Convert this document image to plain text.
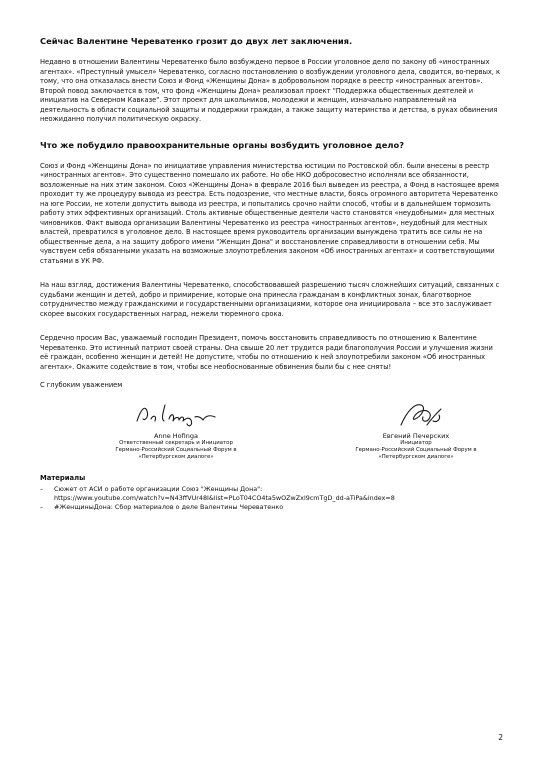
Сейчас Валентине Череватенко грозит до двух лет заключения.

Недавно в отношении Валентины Череватенко было возбуждено первое в России уголовное дело по закону об «иностранных агентах». «Преступный умысел» Череватенко, согласно постановлению о возбуждении уголовного дела, сводится, во-первых, к тому, что она отказалась внести Союз и Фонд «Женщины Дона» в добровольном порядке в реестр «иностранных агентов». Второй повод заключается в том, что фонд «Женщины Дона» реализовал проект "Поддержка общественных деятелей и инициатив на Северном Кавказе". Этот проект для школьников, молодежи и женщин, изначально направленный на деятельность в области социальной защиты и поддержки граждан, а также защиту материнства и детства, в руках обвинения неожиданно получил политическую окраску.

Что же побудило правоохранительные органы возбудить уголовное дело?

Союз и Фонд «Женщины Дона» по инициативе управления министерства юстиции по Ростовской обл. были внесены в реестр «иностранных агентов». Это существенно помешало их работе. Но обе НКО добросовестно исполняли все обязанности, возложенные на них этим законом. Союз «Женщины Дона» в феврале 2016 был выведен из реестра, а Фонд в настоящее время проходит ту же процедуру вывода из реестра. Есть подозрение, что местные власти, боясь огромного авторитета Череватенко на юге России, не хотели допустить вывода из реестра, и попытались срочно найти способ, чтобы и в дальнейшем тормозить работу этих эффективных организаций. Столь активные общественные деятели часто становятся «неудобными» для местных чиновников. Факт вывода организации Валентины Череватенко из реестра «иностранных агентов», неудобный для местных властей, превратился в уголовное дело. В настоящее время руководитель организации вынуждена тратить все силы не на общественные дела, а на защиту доброго имени "Женщин Дона" и восстановление справедливости в отношении себя. Мы чувствуем себя обязанными указать на возможные злоупотребления законом «Об иностранных агентах» и соответствующими статьями в УК РФ.

На наш взгляд, достижения Валентины Череватенко, способствовавшей разрешению тысяч сложнейших ситуаций, связанных с судьбами женщин и детей, добро и примирение, которые она принесла гражданам в конфликтных зонах, благотворное сотрудничество между гражданскими и государственными организациями, которое она инициировала – все это заслуживает скорее высоких государственных наград, нежели тюремного срока.

Сердечно просим Вас, уважаемый господин Президент, помочь восстановить справедливость по отношению к Валентине Череватенко. Это истинный патриот своей страны. Она свыше 20 лет трудится ради благополучия России и улучшения жизни её граждан, особенно женщин и детей! Не допустите, чтобы по отношению к ней злоупотребили законом «Об иностранных агентах». Окажите содействие в том, чтобы все необоснованные обвинения были бы с нее сняты!

С глубоким уважением

Anne Hofinga
Ответственный секретарь и Инициатор
Германо-Российский Социальный Форум в
«Петербургском диалоге»
Евгений Печерских
Инициатор
Германо-Российский Социальный Форум в
«Петербургском диалоге»
Материалы
–	Сюжет от АСИ о работе организации Союз "Женщины Дона":
https://www.youtube.com/watch?v=N43ffVUr48I&list=PLoT04CO4ta5wOZwZxl9cmTgD_dd-aTiPa&index=8
–	#ЖенщиныДона: Сбор материалов о деле Валентины Череватенко
2
